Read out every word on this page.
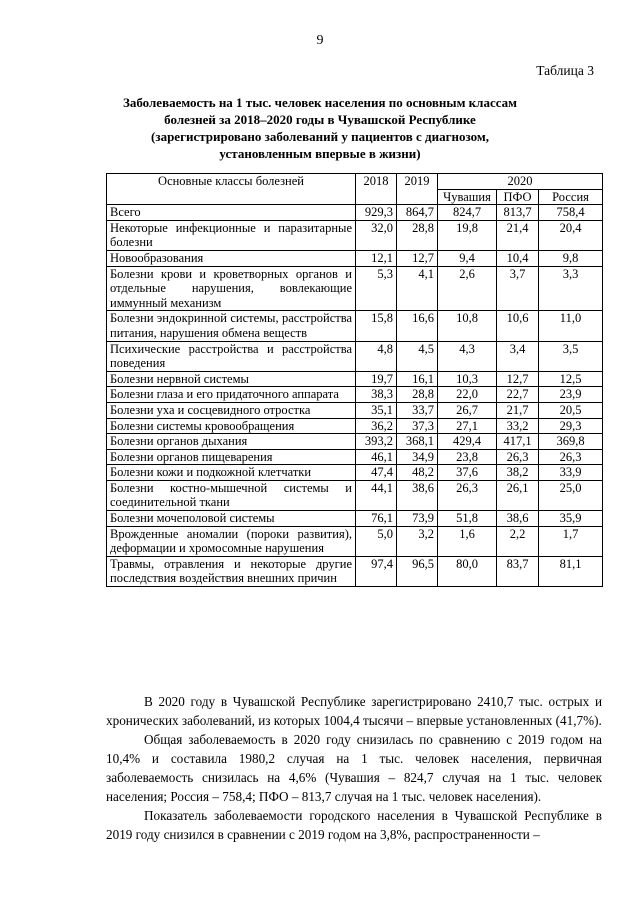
9
Таблица 3
Заболеваемость на 1 тыс. человек населения по основным классам болезней за 2018–2020 годы в Чувашской Республике (зарегистрировано заболеваний у пациентов с диагнозом, установленным впервые в жизни)
Основные классы болезней	2018	2019	2020		
			Чувашия	ПФО	Россия
Всего	929,3	864,7	824,7	813,7	758,4
Некоторые инфекционные и паразитарные болезни	32,0	28,8	19,8	21,4	20,4
Новообразования	12,1	12,7	9,4	10,4	9,8
Болезни крови и кроветворных органов и отдельные нарушения, вовлекающие иммунный механизм	5,3	4,1	2,6	3,7	3,3
Болезни эндокринной системы, расстройства питания, нарушения обмена веществ	15,8	16,6	10,8	10,6	11,0
Психические расстройства и расстройства поведения	4,8	4,5	4,3	3,4	3,5
Болезни нервной системы	19,7	16,1	10,3	12,7	12,5
Болезни глаза и его придаточного аппарата	38,3	28,8	22,0	22,7	23,9
Болезни уха и сосцевидного отростка	35,1	33,7	26,7	21,7	20,5
Болезни системы кровообращения	36,2	37,3	27,1	33,2	29,3
Болезни органов дыхания	393,2	368,1	429,4	417,1	369,8
Болезни органов пищеварения	46,1	34,9	23,8	26,3	26,3
Болезни кожи и подкожной клетчатки	47,4	48,2	37,6	38,2	33,9
Болезни костно-мышечной системы и соединительной ткани	44,1	38,6	26,3	26,1	25,0
Болезни мочеполовой системы	76,1	73,9	51,8	38,6	35,9
Врожденные аномалии (пороки развития), деформации и хромосомные нарушения	5,0	3,2	1,6	2,2	1,7
Травмы, отравления и некоторые другие последствия воздействия внешних причин	97,4	96,5	80,0	83,7	81,1

В 2020 году в Чувашской Республике зарегистрировано 2410,7 тыс. острых и хронических заболеваний, из которых 1004,4 тысячи – впервые установленных (41,7%).

Общая заболеваемость в 2020 году снизилась по сравнению с 2019 годом на 10,4% и составила 1980,2 случая на 1 тыс. человек населения, первичная заболеваемость снизилась на 4,6% (Чувашия – 824,7 случая на 1 тыс. человек населения; Россия – 758,4; ПФО – 813,7 случая на 1 тыс. человек населения).

Показатель заболеваемости городского населения в Чувашской Республике в 2019 году снизился в сравнении с 2019 годом на 3,8%, распространенности –
